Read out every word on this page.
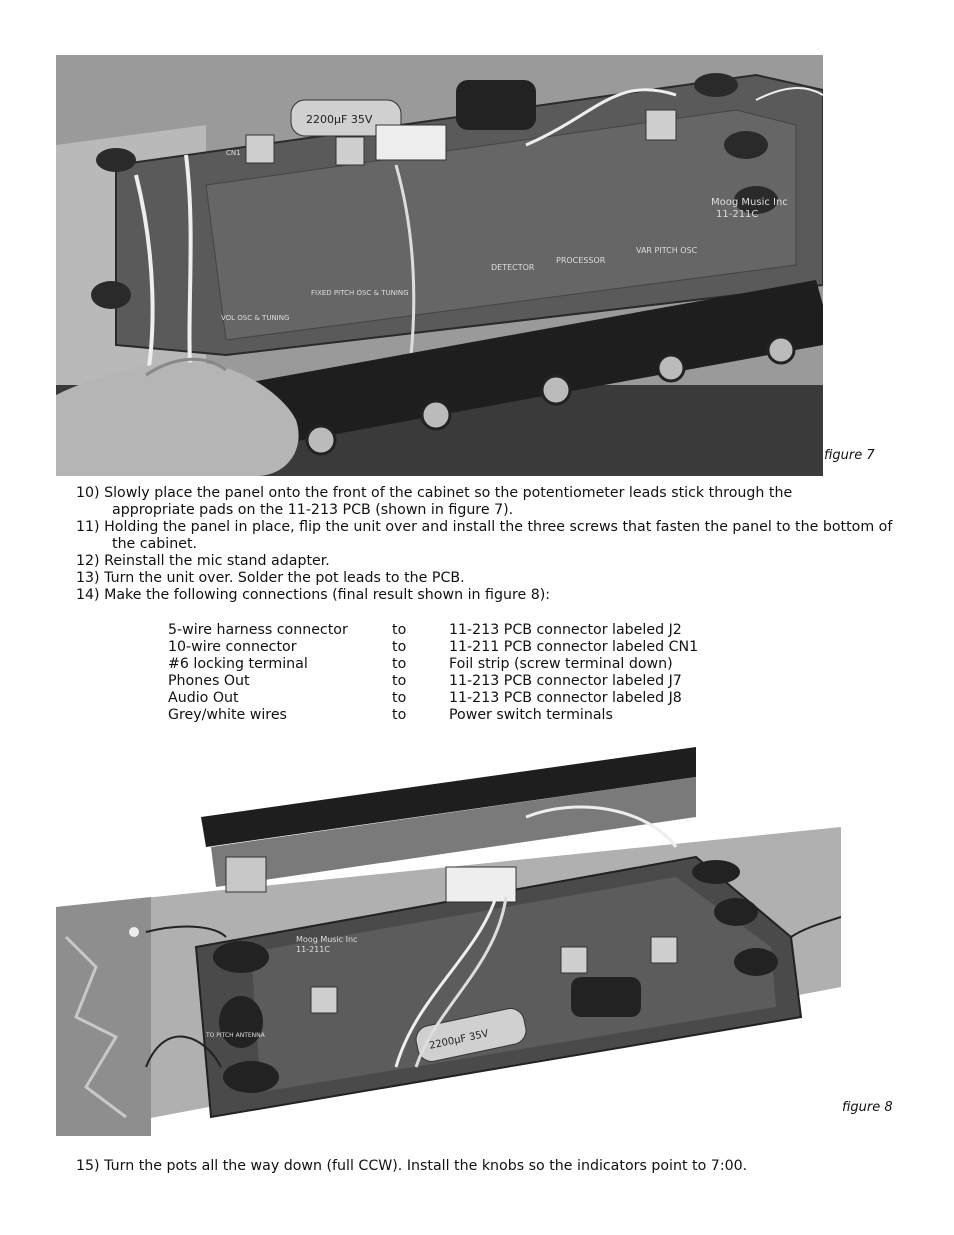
2200µF 35V
Moog Music Inc
11-211C
DETECTOR
PROCESSOR
VAR PITCH OSC
FIXED PITCH OSC & TUNING
VOL OSC & TUNING
CN1
figure 7
10) Slowly place the panel onto the front of the cabinet so the potentiometer leads stick through the
appropriate pads on the 11-213 PCB (shown in figure 7).
11) Holding the panel in place, flip the unit over and install the three screws that fasten the panel to the bottom of
the cabinet.
12) Reinstall the mic stand adapter.
13) Turn the unit over. Solder the pot leads to the PCB.
14) Make the following connections (final result shown in figure 8):
5-wire harness connector	to	11-213 PCB connector labeled J2
10-wire connector	to	11-211 PCB connector labeled CN1
#6 locking terminal	to	Foil strip (screw terminal down)
Phones Out	to	11-213 PCB connector labeled J7
Audio Out	to	11-213 PCB connector labeled J8
Grey/white wires	to	Power switch terminals
2200µF 35V
Moog Music Inc
11-211C
TO PITCH ANTENNA
figure 8
15) Turn the pots all the way down (full CCW). Install the knobs so the indicators point to 7:00.
